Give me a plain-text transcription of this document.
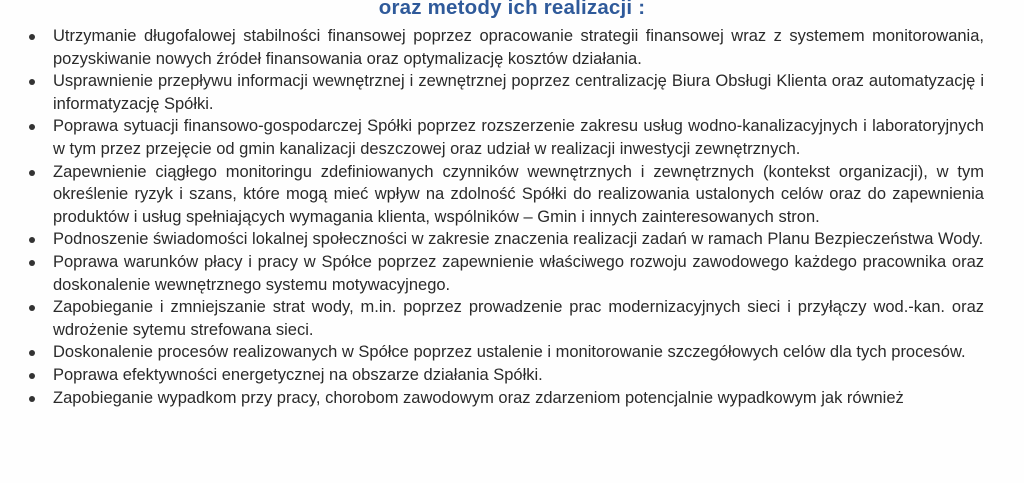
oraz metody ich realizacji :
Utrzymanie długofalowej stabilności finansowej poprzez opracowanie strategii finansowej wraz z systemem monitorowania, pozyskiwanie nowych źródeł finansowania oraz optymalizację kosztów działania.
Usprawnienie przepływu informacji wewnętrznej i zewnętrznej poprzez centralizację Biura Obsługi Klienta oraz automatyzację i informatyzację Spółki.
Poprawa sytuacji finansowo-gospodarczej Spółki poprzez rozszerzenie zakresu usług wodno-kanalizacyjnych i laboratoryjnych w tym przez przejęcie od gmin kanalizacji deszczowej oraz udział w realizacji inwestycji zewnętrznych.
Zapewnienie ciągłego monitoringu zdefiniowanych czynników wewnętrznych i zewnętrznych (kontekst organizacji), w tym określenie ryzyk i szans, które mogą mieć wpływ na zdolność Spółki do realizowania ustalonych celów oraz do zapewnienia produktów i usług spełniających wymagania klienta, wspólników – Gmin i innych zainteresowanych stron.
Podnoszenie świadomości lokalnej społeczności w zakresie znaczenia realizacji zadań w ramach Planu Bezpieczeństwa Wody.
Poprawa warunków płacy i pracy w Spółce poprzez zapewnienie właściwego rozwoju zawodowego każdego pracownika oraz doskonalenie wewnętrznego systemu motywacyjnego.
Zapobieganie i zmniejszanie strat wody, m.in. poprzez prowadzenie prac modernizacyjnych sieci i przyłączy wod.-kan. oraz wdrożenie sytemu strefowana sieci.
Doskonalenie procesów realizowanych w Spółce poprzez ustalenie i monitorowanie szczegółowych celów dla tych procesów.
Poprawa efektywności energetycznej na obszarze działania Spółki.
Zapobieganie wypadkom przy pracy, chorobom zawodowym oraz zdarzeniom potencjalnie wypadkowym jak również
